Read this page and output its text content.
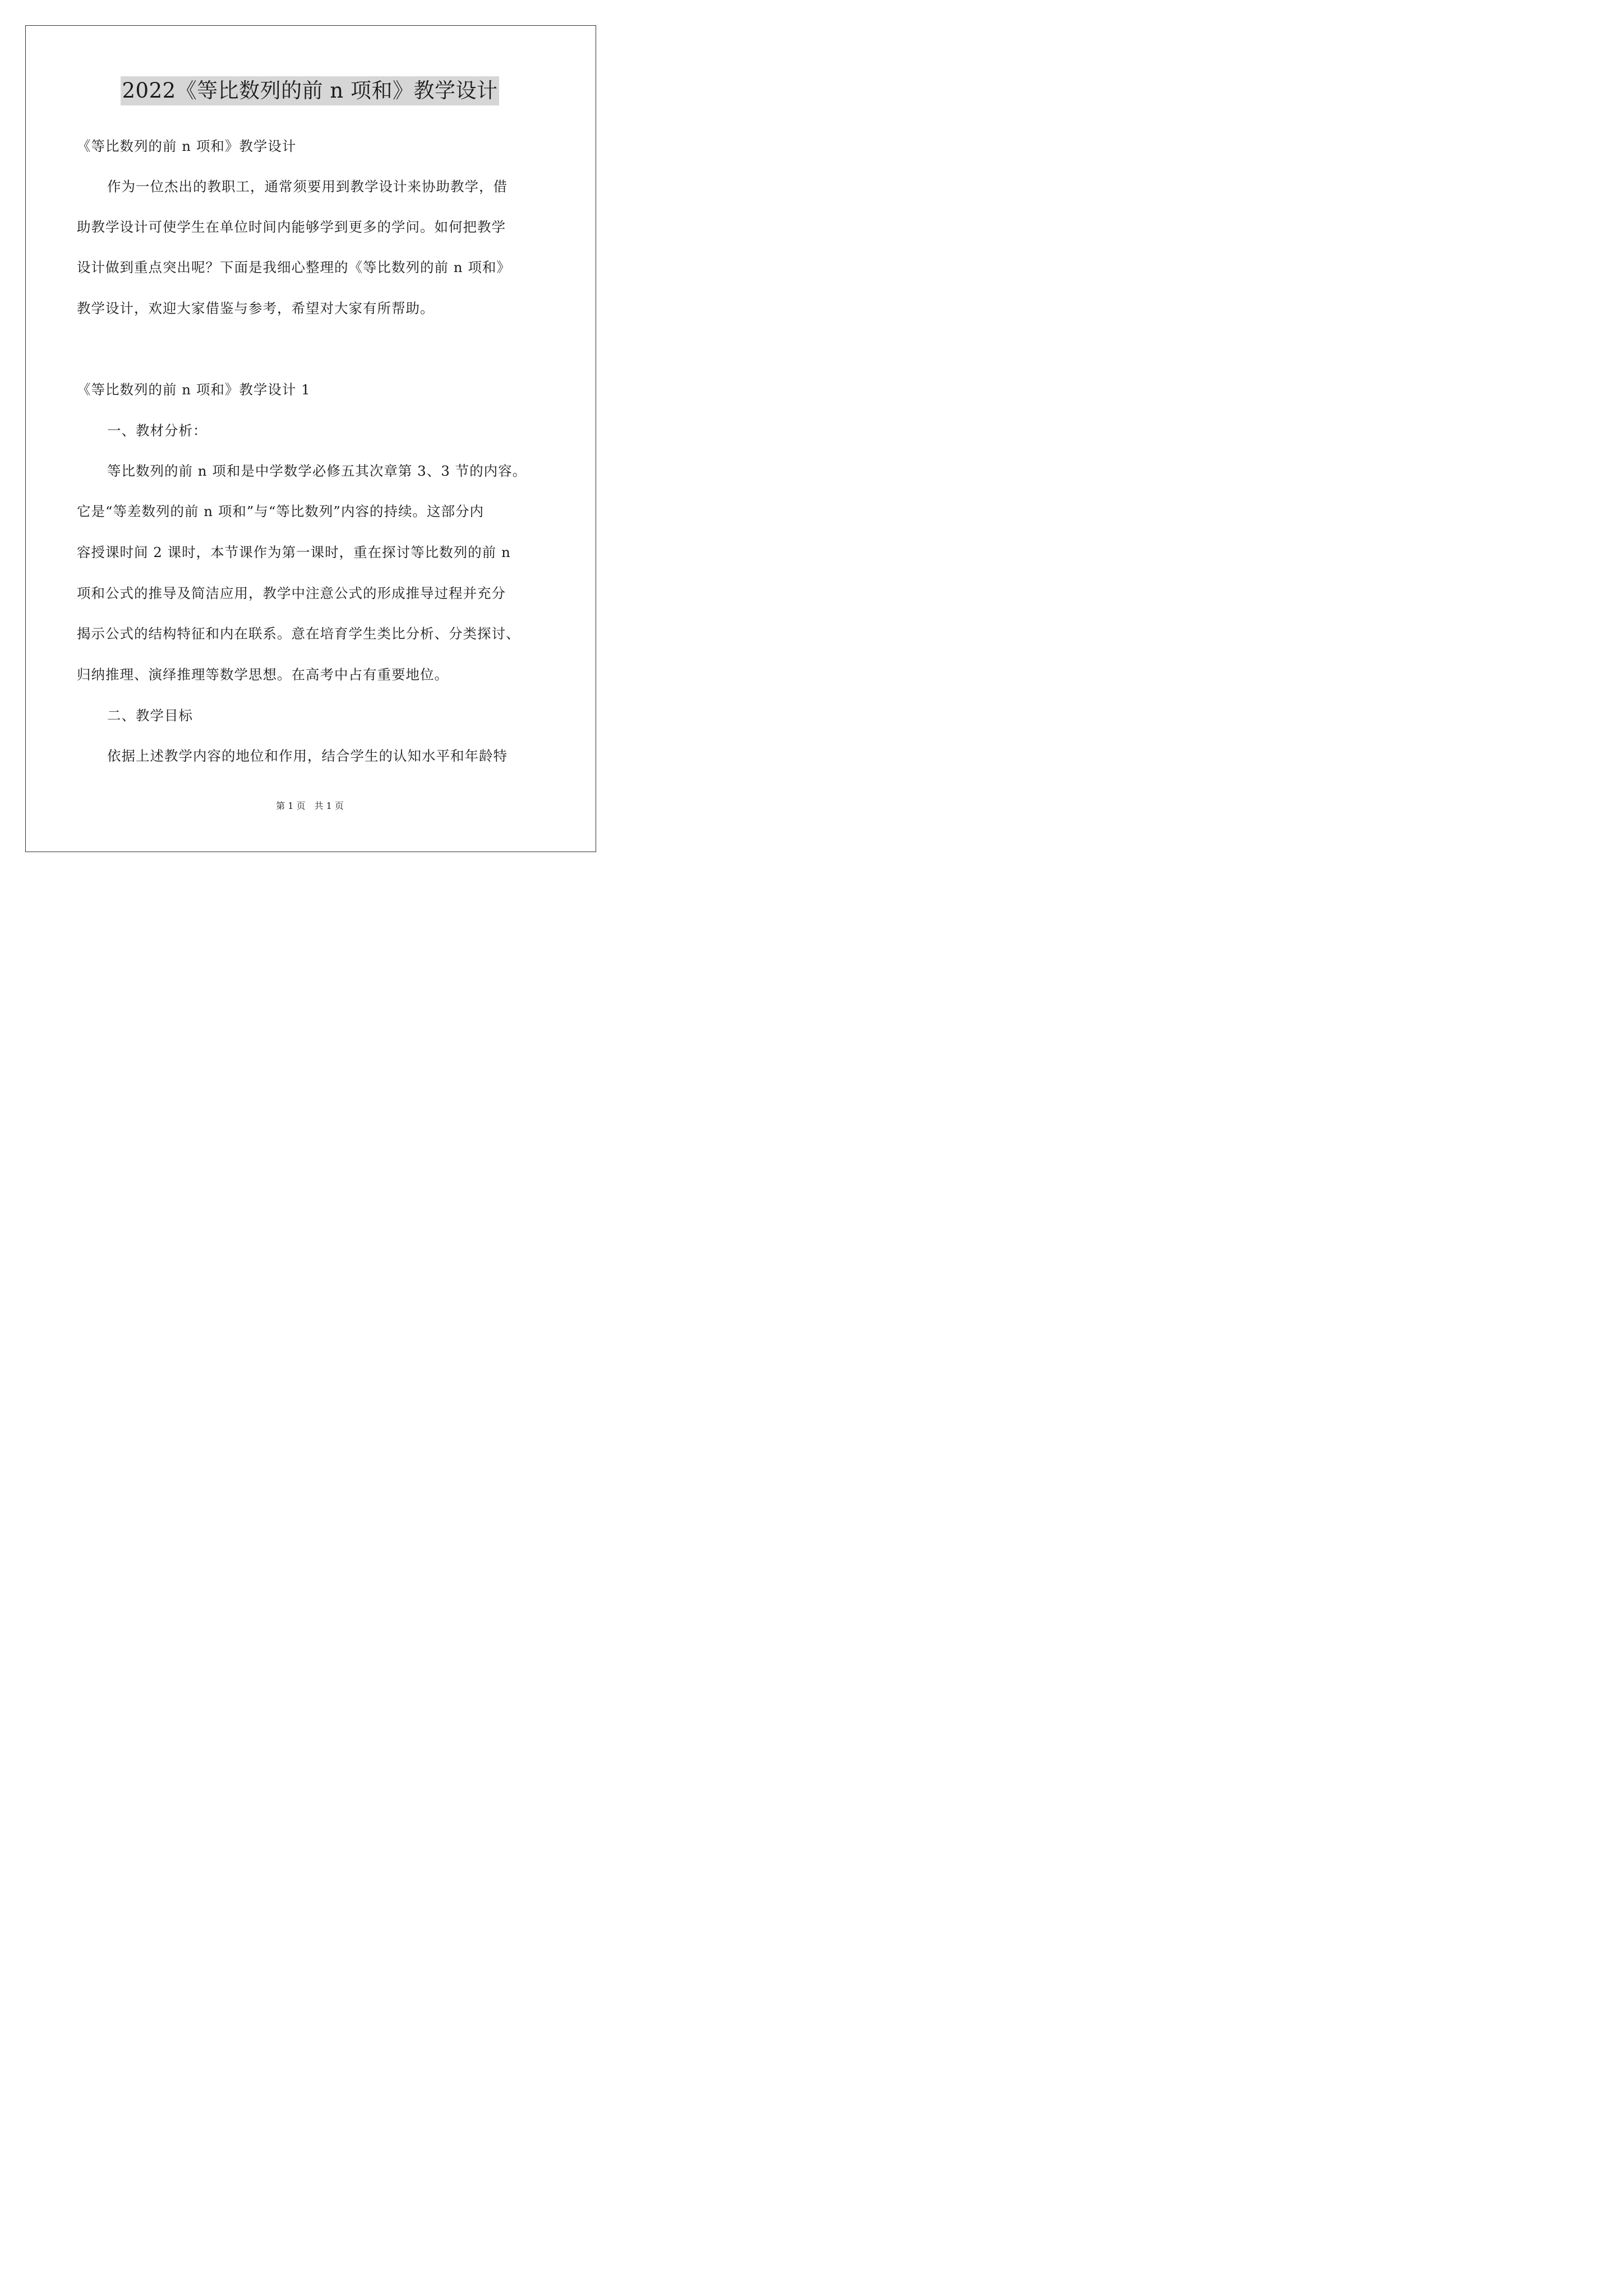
2022《等比数列的前 n 项和》教学设计
《等比数列的前 n 项和》教学设计
作为一位杰出的教职工，通常须要用到教学设计来协助教学，借
助教学设计可使学生在单位时间内能够学到更多的学问。如何把教学
设计做到重点突出呢？下面是我细心整理的《等比数列的前 n 项和》
教学设计，欢迎大家借鉴与参考，希望对大家有所帮助。
《等比数列的前 n 项和》教学设计 1
一、教材分析：
等比数列的前 n 项和是中学数学必修五其次章第 3、3 节的内容。
它是“等差数列的前 n 项和”与“等比数列”内容的持续。这部分内
容授课时间 2 课时，本节课作为第一课时，重在探讨等比数列的前 n
项和公式的推导及简洁应用，教学中注意公式的形成推导过程并充分
揭示公式的结构特征和内在联系。意在培育学生类比分析、分类探讨、
归纳推理、演绎推理等数学思想。在高考中占有重要地位。
二、教学目标
依据上述教学内容的地位和作用，结合学生的认知水平和年龄特
第 1 页　共 1 页
